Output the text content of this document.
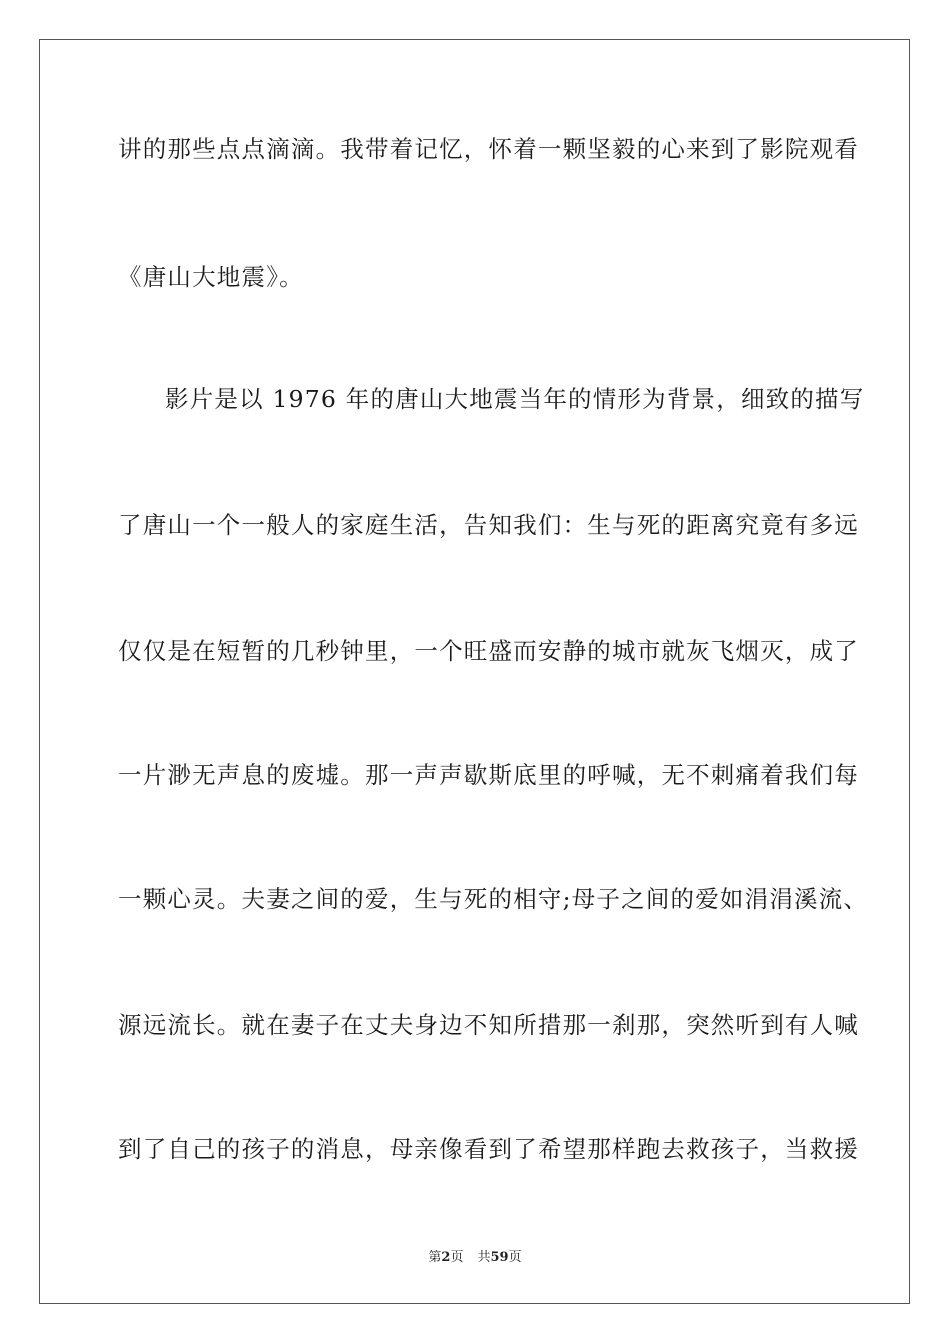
讲的那些点点滴滴。我带着记忆，怀着一颗坚毅的心来到了影院观看
《唐山大地震》。
影片是以 1976 年的唐山大地震当年的情形为背景，细致的描写
了唐山一个一般人的家庭生活，告知我们：生与死的距离究竟有多远
仅仅是在短暂的几秒钟里，一个旺盛而安静的城市就灰飞烟灭，成了
一片渺无声息的废墟。那一声声歇斯底里的呼喊，无不刺痛着我们每
一颗心灵。夫妻之间的爱，生与死的相守;母子之间的爱如涓涓溪流、
源远流长。就在妻子在丈夫身边不知所措那一刹那，突然听到有人喊
到了自己的孩子的消息，母亲像看到了希望那样跑去救孩子，当救援
第2页 共59页
